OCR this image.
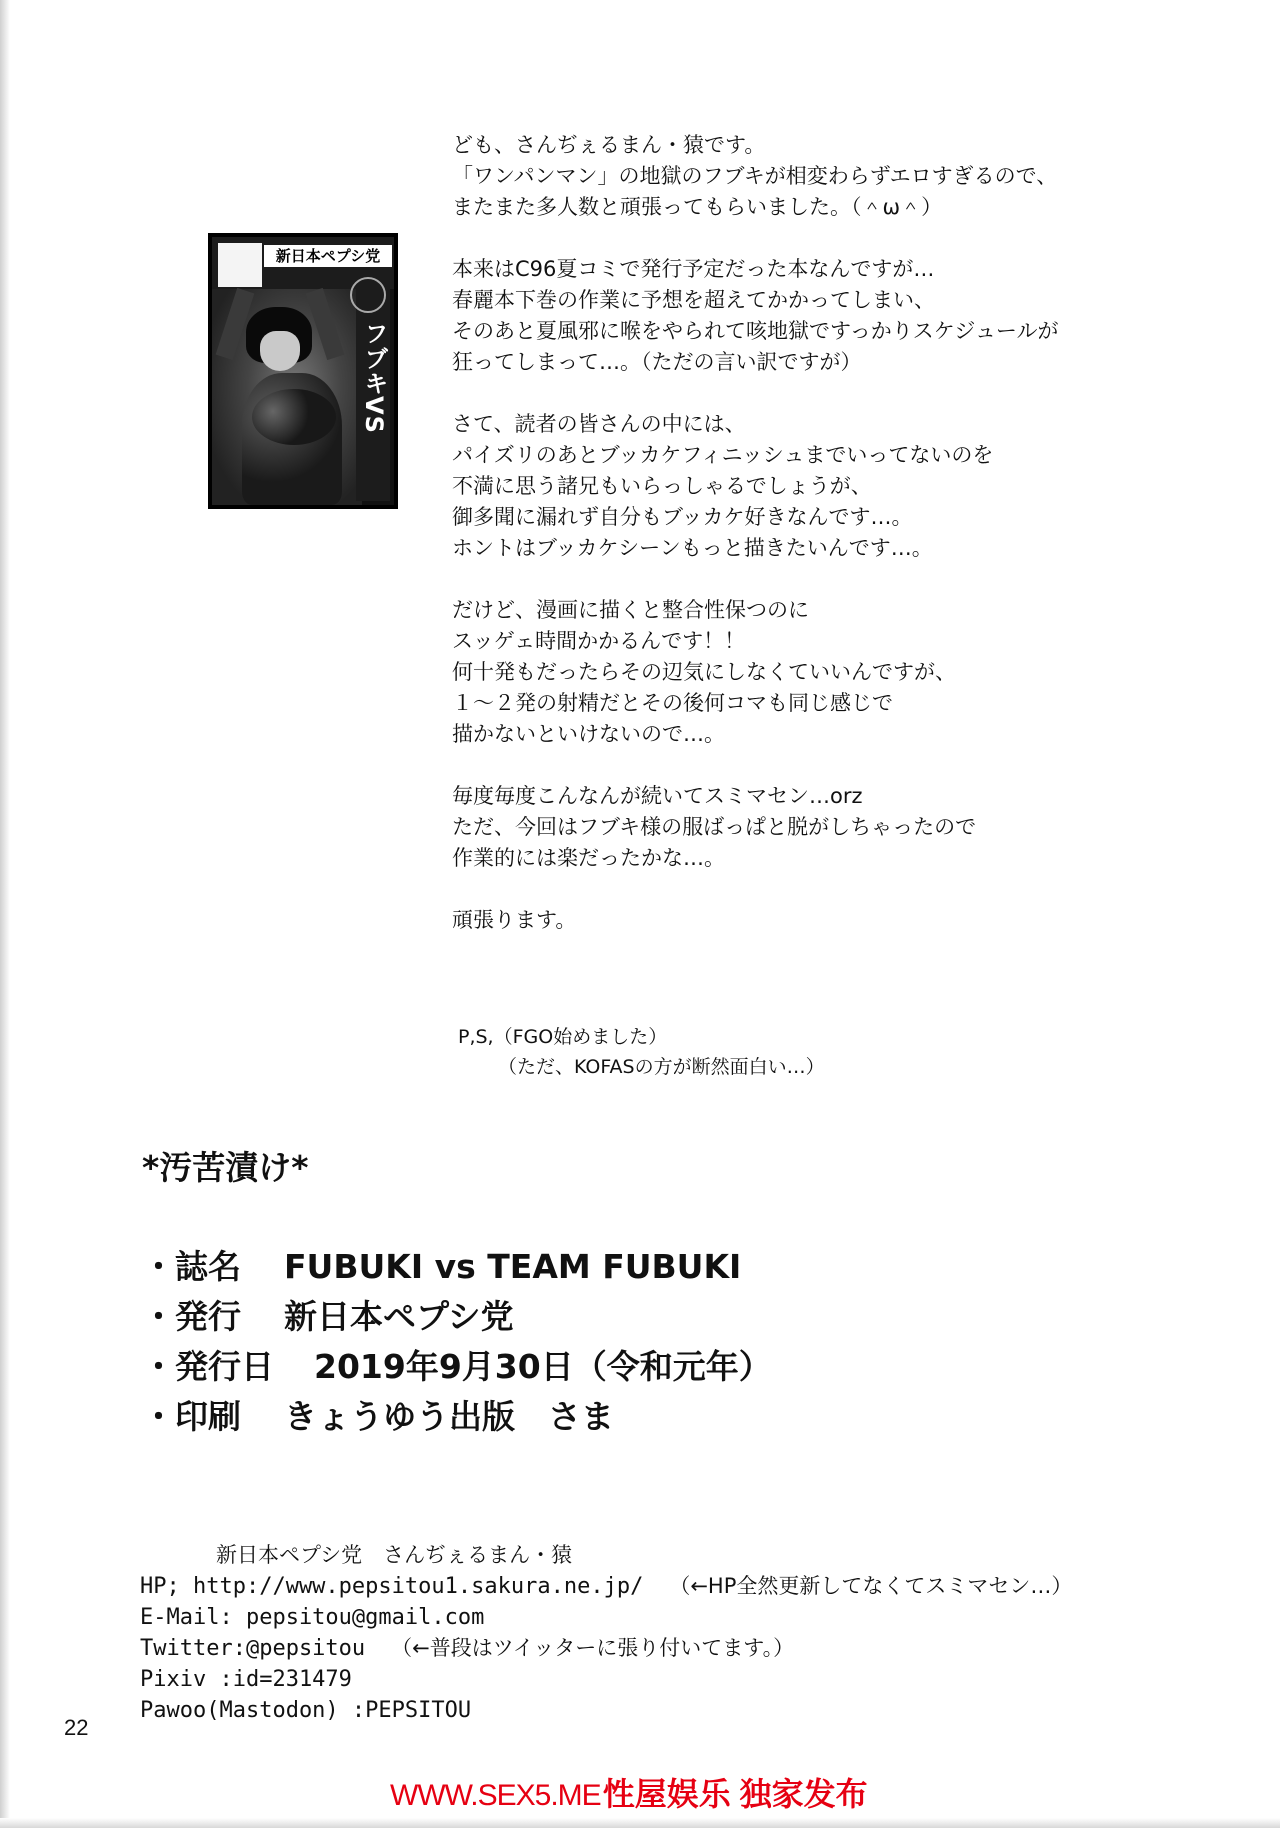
新日本ペプシ党
フブキVS
ども、さんぢぇるまん・猿です。
「ワンパンマン」の地獄のフブキが相変わらずエロすぎるので、
またまた多人数と頑張ってもらいました。（＾ω＾）
本来はC96夏コミで発行予定だった本なんですが…
春麗本下巻の作業に予想を超えてかかってしまい、
そのあと夏風邪に喉をやられて咳地獄ですっかりスケジュールが
狂ってしまって…。（ただの言い訳ですが）
さて、読者の皆さんの中には、
パイズリのあとブッカケフィニッシュまでいってないのを
不満に思う諸兄もいらっしゃるでしょうが、
御多聞に漏れず自分もブッカケ好きなんです…。
ホントはブッカケシーンもっと描きたいんです…。
だけど、漫画に描くと整合性保つのに
スッゲェ時間かかるんです！！
何十発もだったらその辺気にしなくていいんですが、
１～２発の射精だとその後何コマも同じ感じで
描かないといけないので…。
毎度毎度こんなんが続いてスミマセン…orz
ただ、今回はフブキ様の服ばっぱと脱がしちゃったので
作業的には楽だったかな…。
頑張ります。
P,S,（FGO始めました）
（ただ、KOFASの方が断然面白い…）
*汚苦漬け*
・誌名	FUBUKI vs TEAM FUBUKI
・発行	新日本ペプシ党
・発行日	2019年9月30日（令和元年）
・印刷	きょうゆう出版　さま
新日本ペプシ党　さんぢぇるまん・猿
HP; http://www.pepsitou1.sakura.ne.jp/ （←HP全然更新してなくてスミマセン…）
E-Mail: pepsitou@gmail.com
Twitter:@pepsitou （←普段はツイッターに張り付いてます。）
Pixiv :id=231479
Pawoo(Mastodon) :PEPSITOU
22
WWW.SEX5.ME性屋娱乐 独家发布
